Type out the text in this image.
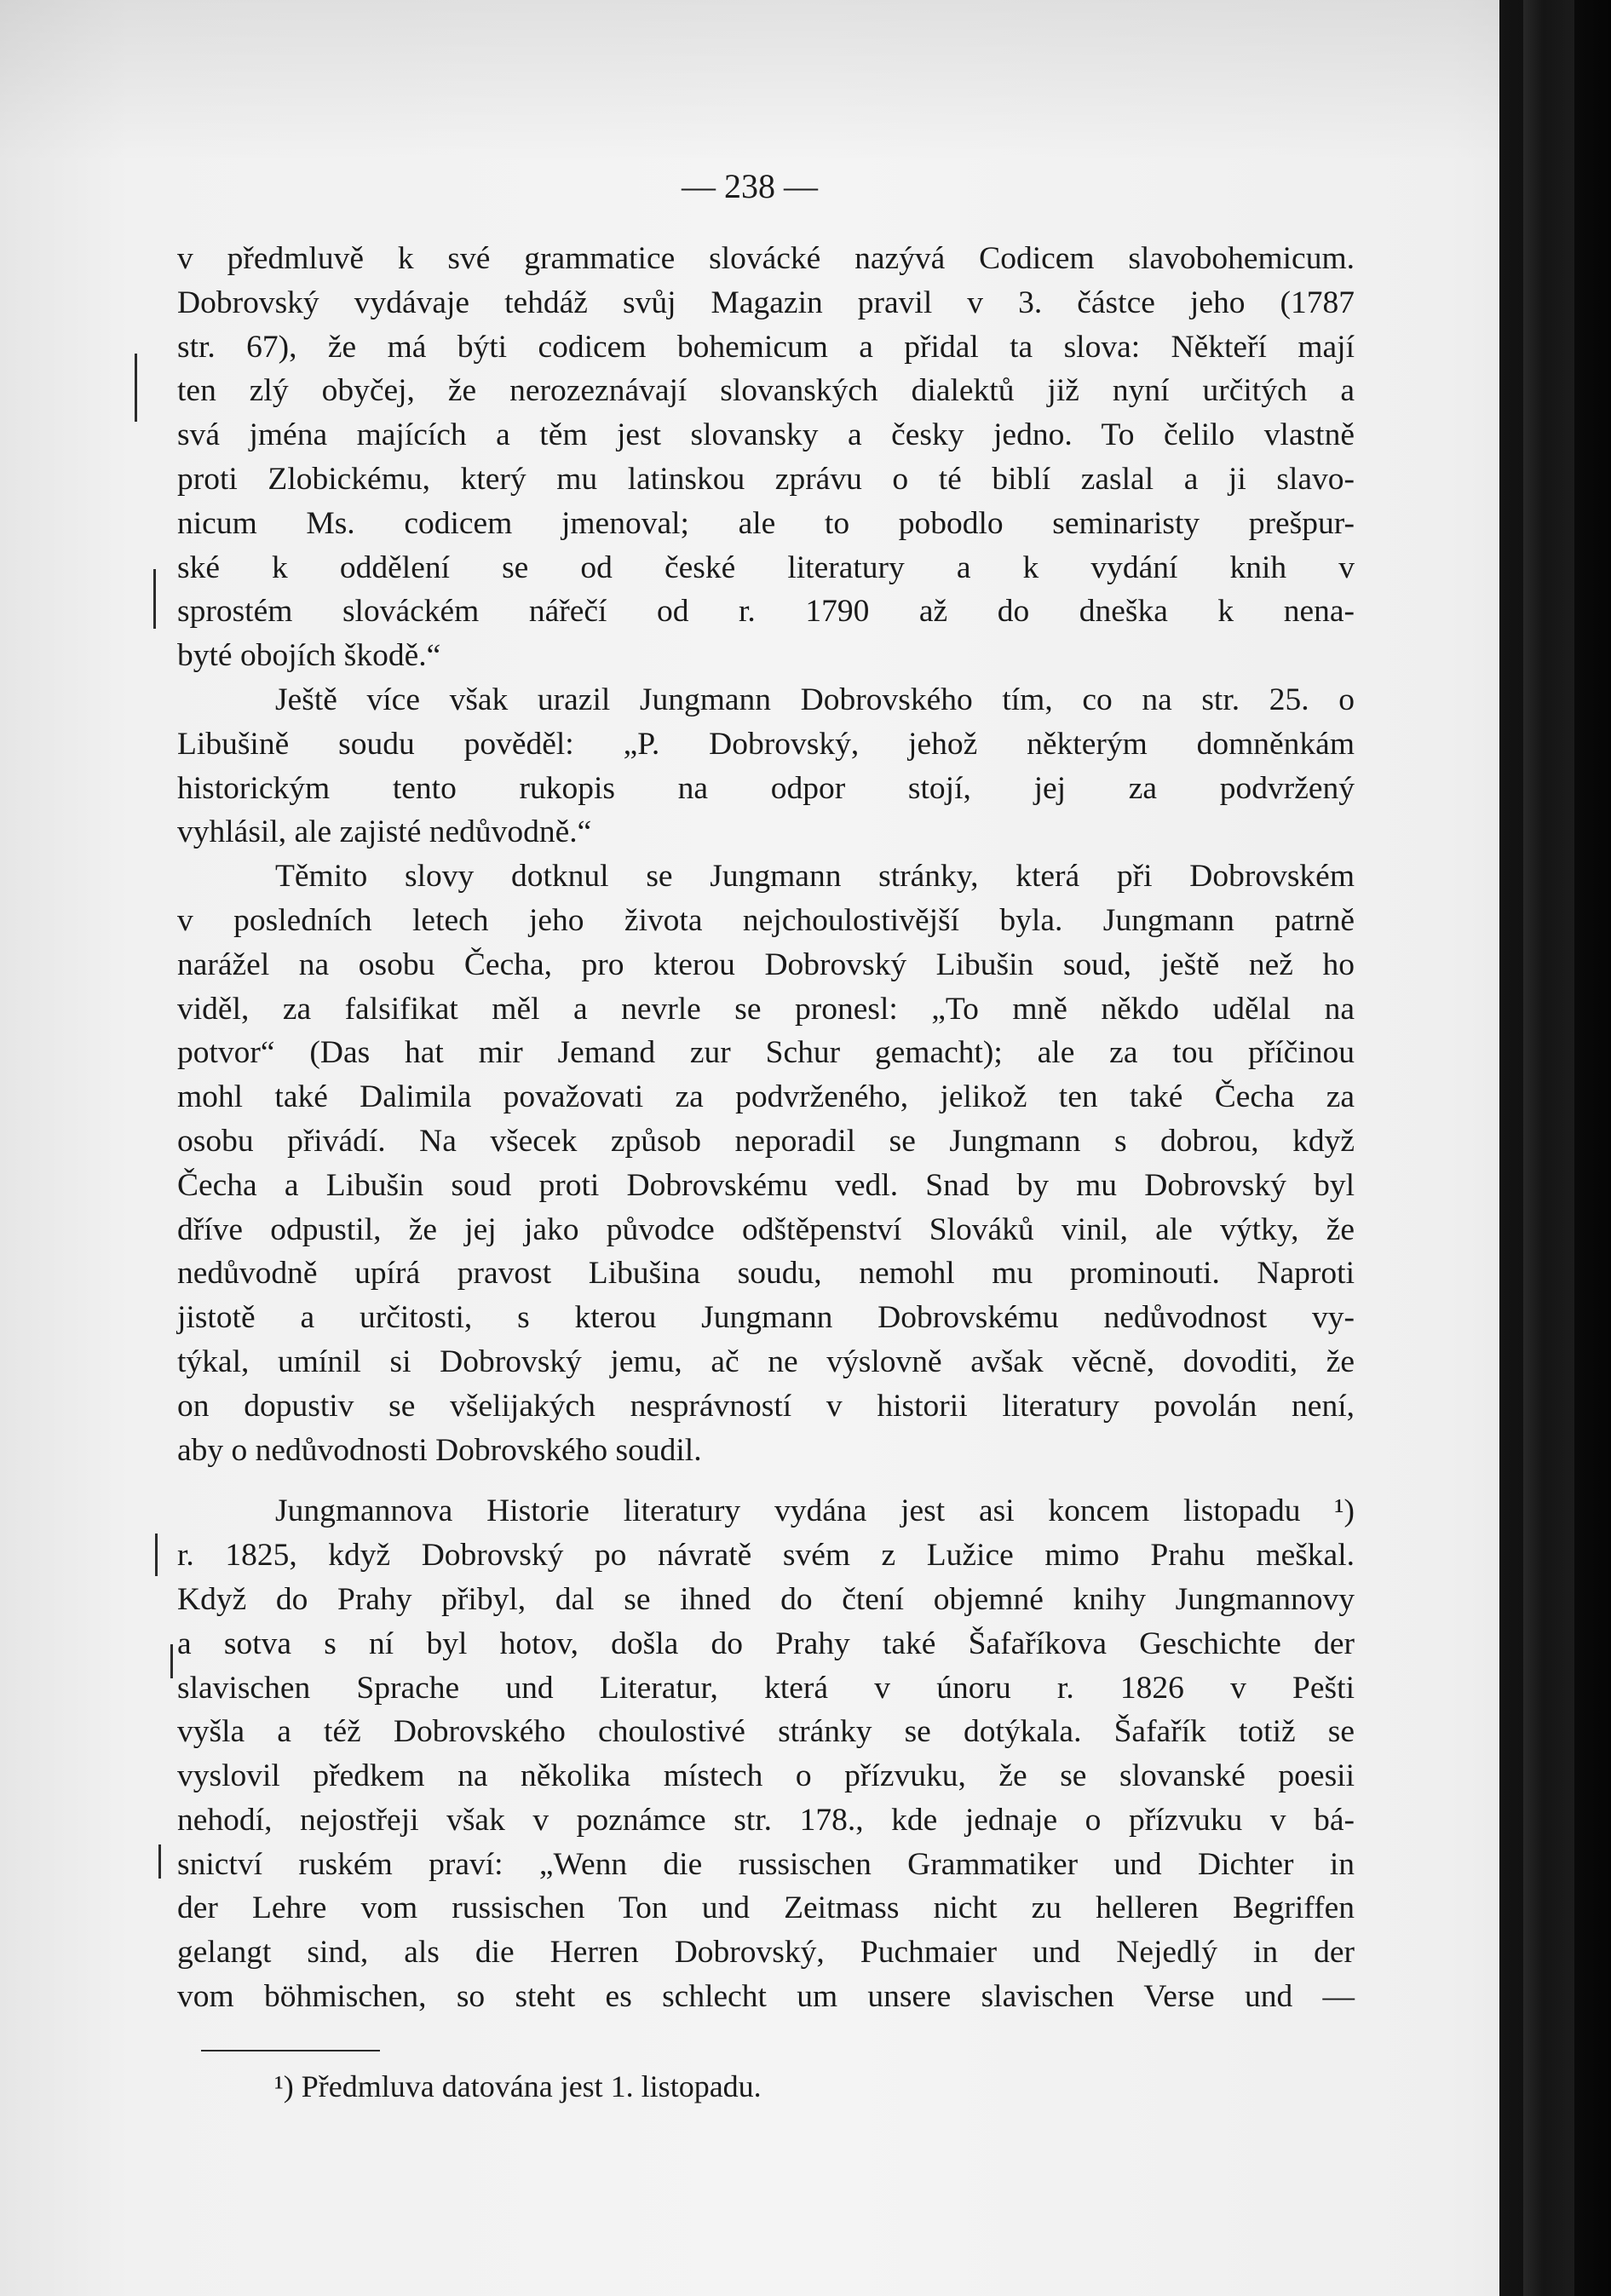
— 238 —
v předmluvě k své grammatice slovácké nazývá Codicem slavobohemicum.
Dobrovský vydávaje tehdáž svůj Magazin pravil v 3. částce jeho (1787
str. 67), že má býti codicem bohemicum a přidal ta slova: Někteří mají
ten zlý obyčej, že nerozeznávají slovanských dialektů již nyní určitých a
svá jména majících a těm jest slovansky a česky jedno. To čelilo vlastně
proti Zlobickému, který mu latinskou zprávu o té biblí zaslal a ji slavo-
nicum Ms. codicem jmenoval; ale to pobodlo seminaristy prešpur-
ské k oddělení se od české literatury a k vydání knih v
sprostém slováckém nářečí od r. 1790 až do dneška k nena-
byté obojích škodě.“
Ještě více však urazil Jungmann Dobrovského tím, co na str. 25. o
Libušině soudu pověděl: „P. Dobrovský, jehož některým domněnkám
historickým tento rukopis na odpor stojí, jej za podvržený
vyhlásil, ale zajisté nedůvodně.“
Těmito slovy dotknul se Jungmann stránky, která při Dobrovském
v posledních letech jeho života nejchoulostivější byla. Jungmann patrně
narážel na osobu Čecha, pro kterou Dobrovský Libušin soud, ještě než ho
viděl, za falsifikat měl a nevrle se pronesl: „To mně někdo udělal na
potvor“ (Das hat mir Jemand zur Schur gemacht); ale za tou příčinou
mohl také Dalimila považovati za podvrženého, jelikož ten také Čecha za
osobu přivádí. Na všecek způsob neporadil se Jungmann s dobrou, když
Čecha a Libušin soud proti Dobrovskému vedl. Snad by mu Dobrovský byl
dříve odpustil, že jej jako původce odštěpenství Slováků vinil, ale výtky, že
nedůvodně upírá pravost Libušina soudu, nemohl mu prominouti. Naproti
jistotě a určitosti, s kterou Jungmann Dobrovskému nedůvodnost vy-
týkal, umínil si Dobrovský jemu, ač ne výslovně avšak věcně, dovoditi, že
on dopustiv se všelijakých nesprávností v historii literatury povolán není,
aby o nedůvodnosti Dobrovského soudil.
Jungmannova Historie literatury vydána jest asi koncem listopadu ¹)
r. 1825, když Dobrovský po návratě svém z Lužice mimo Prahu meškal.
Když do Prahy přibyl, dal se ihned do čtení objemné knihy Jungmannovy
a sotva s ní byl hotov, došla do Prahy také Šafaříkova Geschichte der
slavischen Sprache und Literatur, která v únoru r. 1826 v Pešti
vyšla a též Dobrovského choulostivé stránky se dotýkala. Šafařík totiž se
vyslovil předkem na několika místech o přízvuku, že se slovanské poesii
nehodí, nejostřeji však v poznámce str. 178., kde jednaje o přízvuku v bá-
snictví ruském praví: „Wenn die russischen Grammatiker und Dichter in
der Lehre vom russischen Ton und Zeitmass nicht zu helleren Begriffen
gelangt sind, als die Herren Dobrovský, Puchmaier und Nejedlý in der
vom böhmischen, so steht es schlecht um unsere slavischen Verse und —
¹) Předmluva datována jest 1. listopadu.
